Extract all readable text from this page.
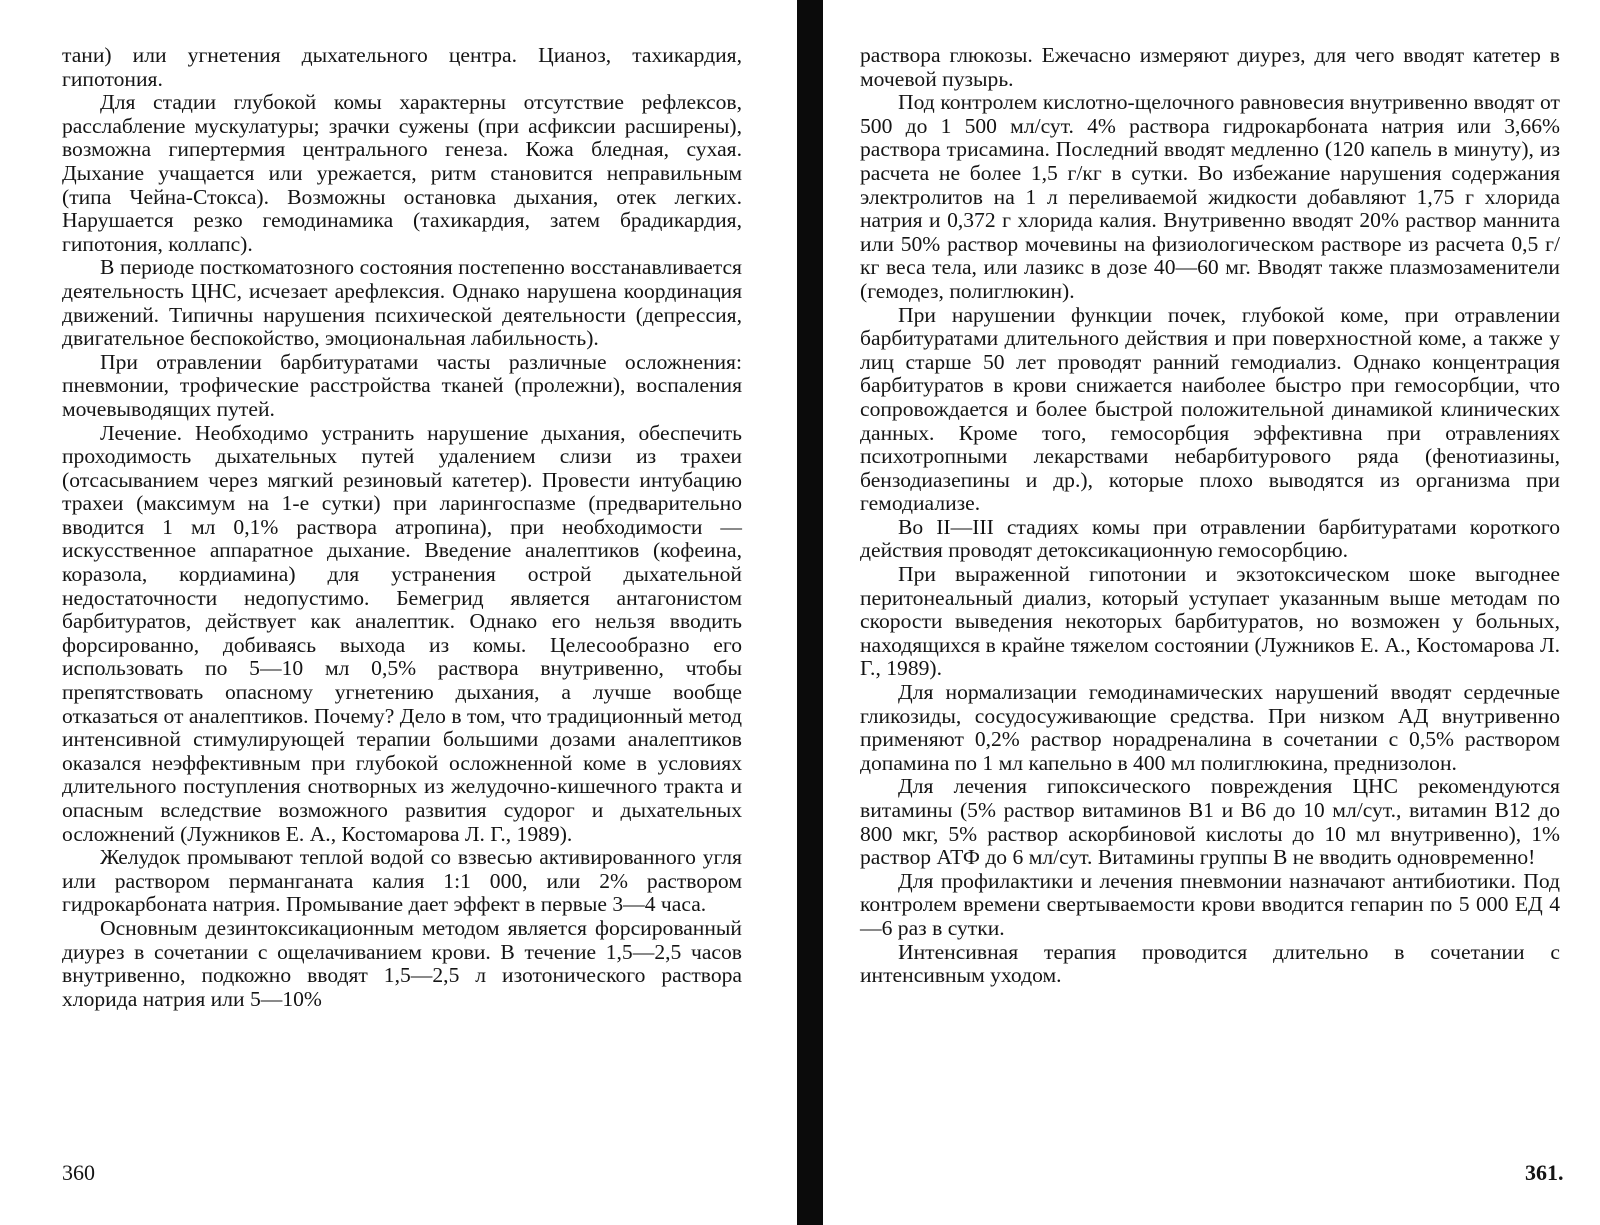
тани) или угнетения дыхательного центра. Цианоз, тахикардия, гипотония.

Для стадии глубокой комы характерны отсутствие рефлексов, расслабление мускулатуры; зрачки сужены (при асфиксии расширены), возможна гипертермия центрального генеза. Кожа бледная, сухая. Дыхание учащается или урежается, ритм становится неправильным (типа Чейна-Стокса). Возможны остановка дыхания, отек легких. Нарушается резко гемодинамика (тахикардия, затем брадикардия, гипотония, коллапс).

В периоде посткоматозного состояния постепенно восстанавливается деятельность ЦНС, исчезает арефлексия. Однако нарушена координация движений. Типичны нарушения психической деятельности (депрессия, двигательное беспокойство, эмоциональная лабильность).

При отравлении барбитуратами часты различные осложнения: пневмонии, трофические расстройства тканей (пролежни), воспаления мочевыводящих путей.

Лечение. Необходимо устранить нарушение дыхания, обеспечить проходимость дыхательных путей удалением слизи из трахеи (отсасыванием через мягкий резиновый катетер). Провести интубацию трахеи (максимум на 1-е сутки) при ларингоспазме (предварительно вводится 1 мл 0,1% раствора атропина), при необходимости — искусственное аппаратное дыхание. Введение аналептиков (кофеина, коразола, кордиамина) для устранения острой дыхательной недостаточности недопустимо. Бемегрид является антагонистом барбитуратов, действует как аналептик. Однако его нельзя вводить форсированно, добиваясь выхода из комы. Целесообразно его использовать по 5—10 мл 0,5% раствора внутривенно, чтобы препятствовать опасному угнетению дыхания, а лучше вообще отказаться от аналептиков. Почему? Дело в том, что традиционный метод интенсивной стимулирующей терапии большими дозами аналептиков оказался неэффективным при глубокой осложненной коме в условиях длительного поступления снотворных из желудочно-кишечного тракта и опасным вследствие возможного развития судорог и дыхательных осложнений (Лужников Е. А., Костомарова Л. Г., 1989).

Желудок промывают теплой водой со взвесью активированного угля или раствором перманганата калия 1:1 000, или 2% раствором гидрокарбоната натрия. Промывание дает эффект в первые 3—4 часа.

Основным дезинтоксикационным методом является форсированный диурез в сочетании с ощелачиванием крови. В течение 1,5—2,5 часов внутривенно, подкожно вводят 1,5—2,5 л изотонического раствора хлорида натрия или 5—10%

360

раствора глюкозы. Ежечасно измеряют диурез, для чего вводят катетер в мочевой пузырь.

Под контролем кислотно-щелочного равновесия внутривенно вводят от 500 до 1 500 мл/сут. 4% раствора гидрокарбоната натрия или 3,66% раствора трисамина. Последний вводят медленно (120 капель в минуту), из расчета не более 1,5 г/кг в сутки. Во избежание нарушения содержания электролитов на 1 л переливаемой жидкости добавляют 1,75 г хлорида натрия и 0,372 г хлорида калия. Внутривенно вводят 20% раствор маннита или 50% раствор мочевины на физиологическом растворе из расчета 0,5 г/кг веса тела, или лазикс в дозе 40—60 мг. Вводят также плазмозаменители (гемодез, полиглюкин).

При нарушении функции почек, глубокой коме, при отравлении барбитуратами длительного действия и при поверхностной коме, а также у лиц старше 50 лет проводят ранний гемодиализ. Однако концентрация барбитуратов в крови снижается наиболее быстро при гемосорбции, что сопровождается и более быстрой положительной динамикой клинических данных. Кроме того, гемосорбция эффективна при отравлениях психотропными лекарствами небарбитурового ряда (фенотиазины, бензодиазепины и др.), которые плохо выводятся из организма при гемодиализе.

Во II—III стадиях комы при отравлении барбитуратами короткого действия проводят детоксикационную гемосорбцию.

При выраженной гипотонии и экзотоксическом шоке выгоднее перитонеальный диализ, который уступает указанным выше методам по скорости выведения некоторых барбитуратов, но возможен у больных, находящихся в крайне тяжелом состоянии (Лужников Е. А., Костомарова Л. Г., 1989).

Для нормализации гемодинамических нарушений вводят сердечные гликозиды, сосудосуживающие средства. При низком АД внутривенно применяют 0,2% раствор норадреналина в сочетании с 0,5% раствором допамина по 1 мл капельно в 400 мл полиглюкина, преднизолон.

Для лечения гипоксического повреждения ЦНС рекомендуются витамины (5% раствор витаминов B1 и B6 до 10 мл/сут., витамин B12 до 800 мкг, 5% раствор аскорбиновой кислоты до 10 мл внутривенно), 1% раствор АТФ до 6 мл/сут. Витамины группы В не вводить одновременно!

Для профилактики и лечения пневмонии назначают антибиотики. Под контролем времени свертываемости крови вводится гепарин по 5 000 ЕД 4—6 раз в сутки.

Интенсивная терапия проводится длительно в сочетании с интенсивным уходом.

361.
